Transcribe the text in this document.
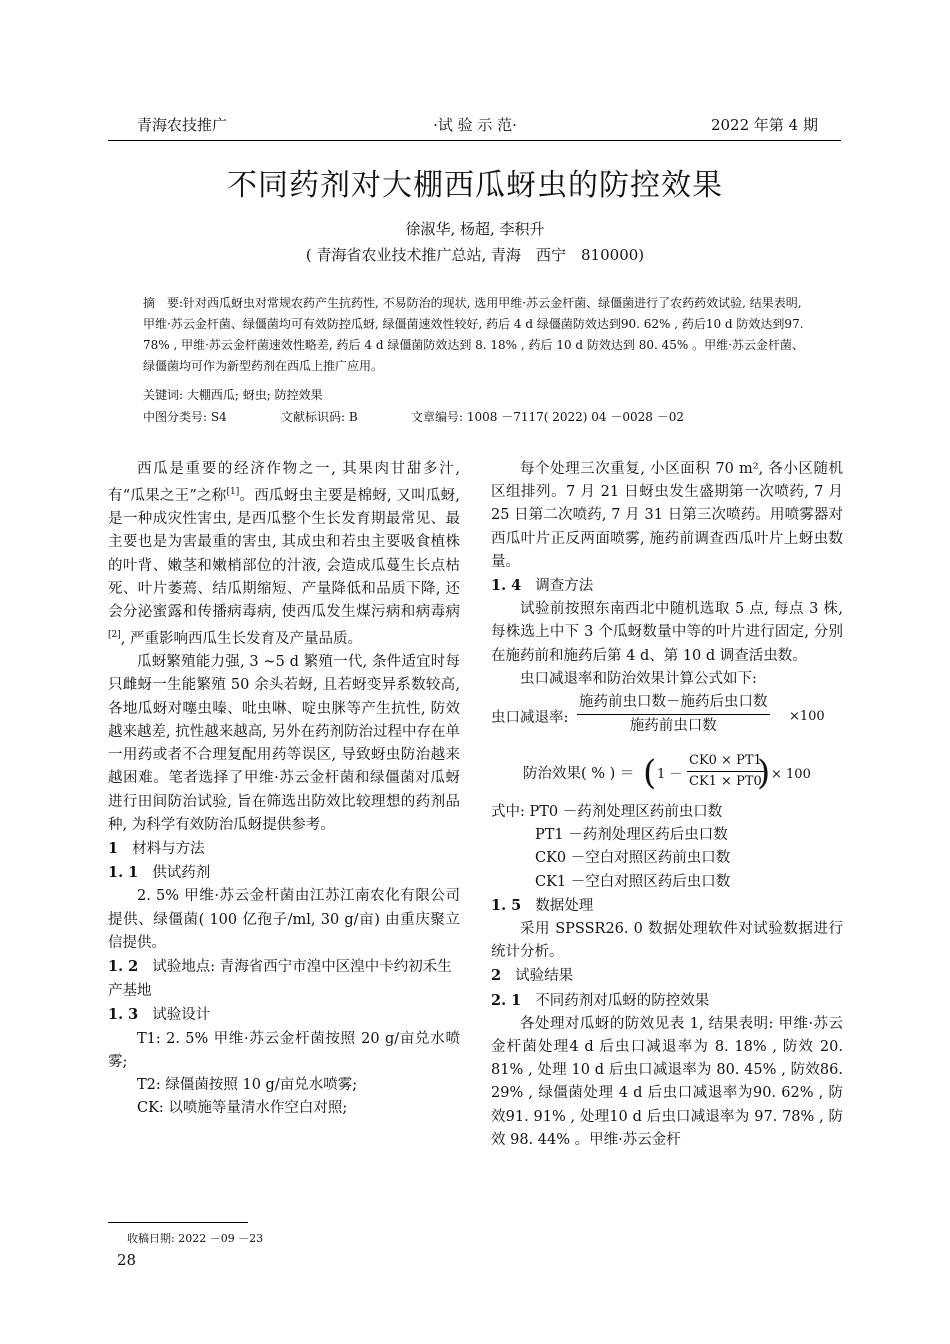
青海农技推广	·试 验 示 范·	2022 年第 4 期
不同药剂对大棚西瓜蚜虫的防控效果
徐淑华, 杨超, 李积升
( 青海省农业技术推广总站, 青海　西宁　810000)
摘　要:针对西瓜蚜虫对常规农药产生抗药性, 不易防治的现状, 选用甲维·苏云金杆菌、绿僵菌进行了农药药效试验, 结果表明, 甲维·苏云金杆菌、绿僵菌均可有效防控瓜蚜, 绿僵菌速效性较好, 药后 4 d 绿僵菌防效达到90. 62% , 药后10 d 防效达到97. 78% , 甲维·苏云金杆菌速效性略差, 药后 4 d 绿僵菌防效达到 8. 18% , 药后 10 d 防效达到 80. 45% 。甲维·苏云金杆菌、绿僵菌均可作为新型药剂在西瓜上推广应用。
关键词: 大棚西瓜; 蚜虫; 防控效果
中图分类号: S4	文献标识码: B	文章编号: 1008 －7117( 2022) 04 －0028 －02

西瓜是重要的经济作物之一, 其果肉甘甜多汁, 有“瓜果之王”之称[1]。西瓜蚜虫主要是棉蚜, 又叫瓜蚜, 是一种成灾性害虫, 是西瓜整个生长发育期最常见、最主要也是为害最重的害虫, 其成虫和若虫主要吸食植株的叶背、嫩茎和嫩梢部位的汁液, 会造成瓜蔓生长点枯死、叶片萎蔫、结瓜期缩短、产量降低和品质下降, 还会分泌蜜露和传播病毒病, 使西瓜发生煤污病和病毒病[2], 严重影响西瓜生长发育及产量品质。

瓜蚜繁殖能力强, 3 ~5 d 繁殖一代, 条件适宜时每只雌蚜一生能繁殖 50 余头若蚜, 且若蚜变异系数较高, 各地瓜蚜对噻虫嗪、吡虫啉、啶虫脒等产生抗性, 防效越来越差, 抗性越来越高, 另外在药剂防治过程中存在单一用药或者不合理复配用药等误区, 导致蚜虫防治越来越困难。笔者选择了甲维·苏云金杆菌和绿僵菌对瓜蚜进行田间防治试验, 旨在筛选出防效比较理想的药剂品种, 为科学有效防治瓜蚜提供参考。

1 材料与方法
1. 1 供试药剂

2. 5% 甲维·苏云金杆菌由江苏江南农化有限公司提供、绿僵菌( 100 亿孢子/ml, 30 g/亩) 由重庆聚立信提供。

1. 2 试验地点: 青海省西宁市湟中区湟中卡约初禾生产基地
1. 3 试验设计

T1: 2. 5% 甲维·苏云金杆菌按照 20 g/亩兑水喷雾;

T2: 绿僵菌按照 10 g/亩兑水喷雾;

CK: 以喷施等量清水作空白对照;

每个处理三次重复, 小区面积 70 m², 各小区随机区组排列。7 月 21 日蚜虫发生盛期第一次喷药, 7 月 25 日第二次喷药, 7 月 31 日第三次喷药。用喷雾器对西瓜叶片正反两面喷雾, 施药前调查西瓜叶片上蚜虫数量。

1. 4 调查方法

试验前按照东南西北中随机选取 5 点, 每点 3 株, 每株选上中下 3 个瓜蚜数量中等的叶片进行固定, 分别在施药前和施药后第 4 d、第 10 d 调查活虫数。

虫口减退率和防治效果计算公式如下:

虫口减退率:
施药前虫口数－施药后虫口数
施药前虫口数
×100
防治效果( % ) ＝ ( $1 - \frac{CK0 \times PT1}{CK1 \times PT0}$
) × 100

式中: PT0 －药剂处理区药前虫口数

PT1 －药剂处理区药后虫口数

CK0 －空白对照区药前虫口数

CK1 －空白对照区药后虫口数

1. 5 数据处理

采用 SPSSR26. 0 数据处理软件对试验数据进行统计分析。

2 试验结果
2. 1 不同药剂对瓜蚜的防控效果

各处理对瓜蚜的防效见表 1, 结果表明: 甲维·苏云金杆菌处理4 d 后虫口减退率为 8. 18% , 防效 20. 81% , 处理 10 d 后虫口减退率为 80. 45% , 防效86. 29% , 绿僵菌处理 4 d 后虫口减退率为90. 62% , 防效91. 91% , 处理10 d 后虫口减退率为 97. 78% , 防效 98. 44% 。甲维·苏云金杆

收稿日期: 2022 －09 －23
28
